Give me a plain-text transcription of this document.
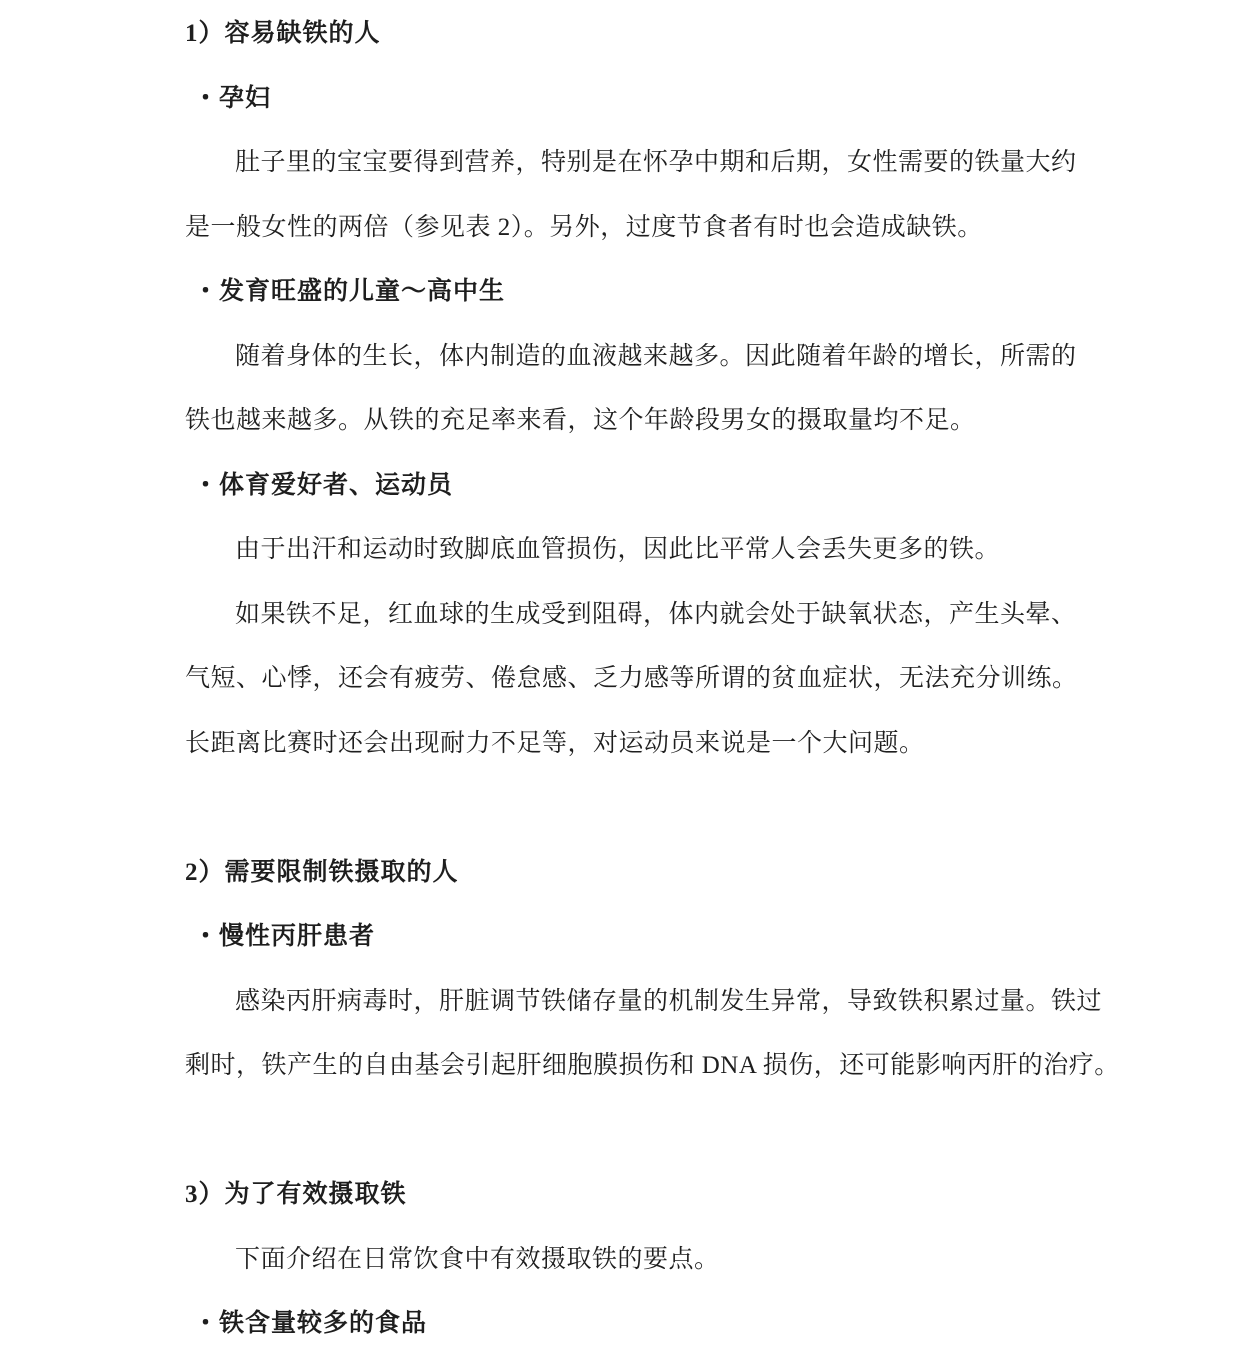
1）容易缺铁的人
・孕妇
肚子里的宝宝要得到营养，特别是在怀孕中期和后期，女性需要的铁量大约
是一般女性的两倍（参见表 2）。另外，过度节食者有时也会造成缺铁。
・发育旺盛的儿童～高中生
随着身体的生长，体内制造的血液越来越多。因此随着年龄的增长，所需的
铁也越来越多。从铁的充足率来看，这个年龄段男女的摄取量均不足。
・体育爱好者、运动员
由于出汗和运动时致脚底血管损伤，因此比平常人会丢失更多的铁。
如果铁不足，红血球的生成受到阻碍，体内就会处于缺氧状态，产生头晕、
气短、心悸，还会有疲劳、倦怠感、乏力感等所谓的贫血症状，无法充分训练。
长距离比赛时还会出现耐力不足等，对运动员来说是一个大问题。
2）需要限制铁摄取的人
・慢性丙肝患者
感染丙肝病毒时，肝脏调节铁储存量的机制发生异常，导致铁积累过量。铁过
剩时，铁产生的自由基会引起肝细胞膜损伤和 DNA 损伤，还可能影响丙肝的治疗。
3）为了有效摄取铁
下面介绍在日常饮食中有效摄取铁的要点。
・铁含量较多的食品
